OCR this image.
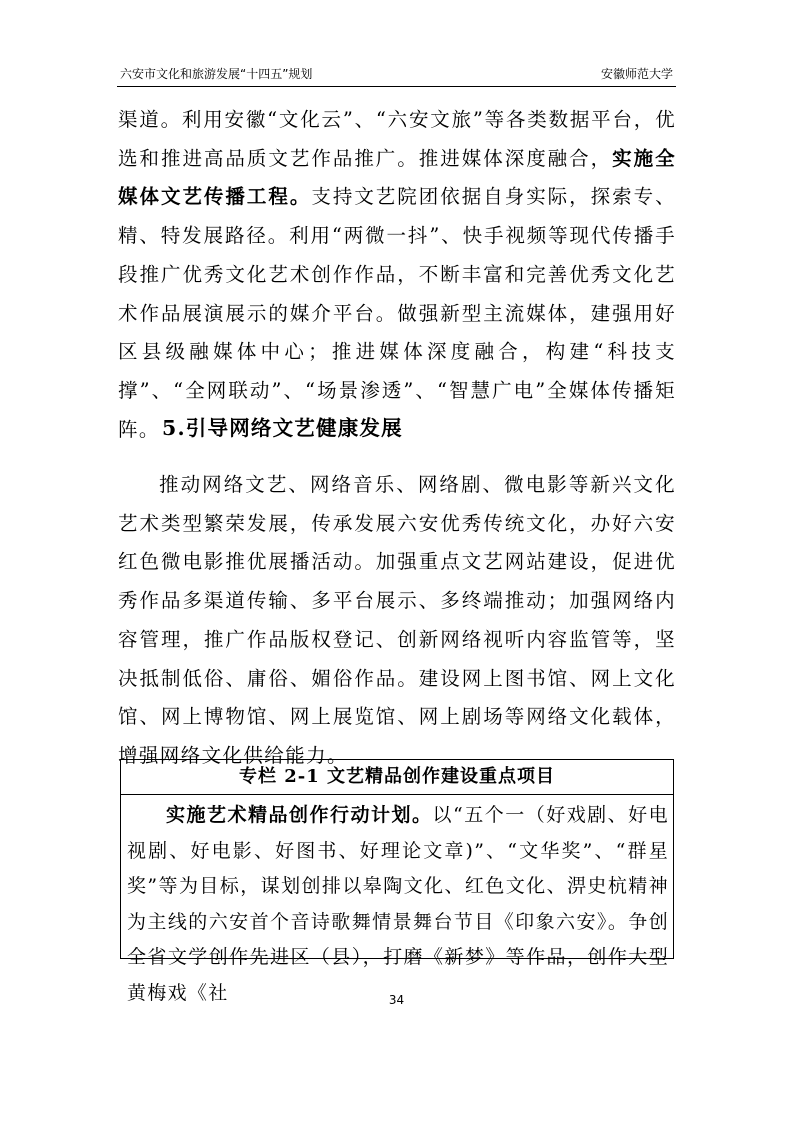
六安市文化和旅游发展“十四五”规划	安徽师范大学

渠道。利用安徽“文化云”、“六安文旅”等各类数据平台，优选和推进高品质文艺作品推广。推进媒体深度融合，实施全媒体文艺传播工程。支持文艺院团依据自身实际，探索专、精、特发展路径。利用“两微一抖”、快手视频等现代传播手段推广优秀文化艺术创作作品，不断丰富和完善优秀文化艺术作品展演展示的媒介平台。做强新型主流媒体，建强用好区县级融媒体中心；推进媒体深度融合，构建“科技支撑”、“全网联动”、“场景渗透”、“智慧广电”全媒体传播矩阵。 5.引导网络文艺健康发展

推动网络文艺、网络音乐、网络剧、微电影等新兴文化艺术类型繁荣发展，传承发展六安优秀传统文化，办好六安红色微电影推优展播活动。加强重点文艺网站建设，促进优秀作品多渠道传输、多平台展示、多终端推动；加强网络内容管理，推广作品版权登记、创新网络视听内容监管等，坚决抵制低俗、庸俗、媚俗作品。建设网上图书馆、网上文化馆、网上博物馆、网上展览馆、网上剧场等网络文化载体，增强网络文化供给能力。

专栏 2-1 文艺精品创作建设重点项目

实施艺术精品创作行动计划。以“五个一（好戏剧、好电视剧、好电影、好图书、好理论文章)”、“文华奖”、“群星奖”等为目标，谋划创排以皋陶文化、红色文化、淠史杭精神为主线的六安首个音诗歌舞情景舞台节目《印象六安》。争创全省文学创作先进区（县），打磨《新梦》等作品，创作大型黄梅戏《社	34
